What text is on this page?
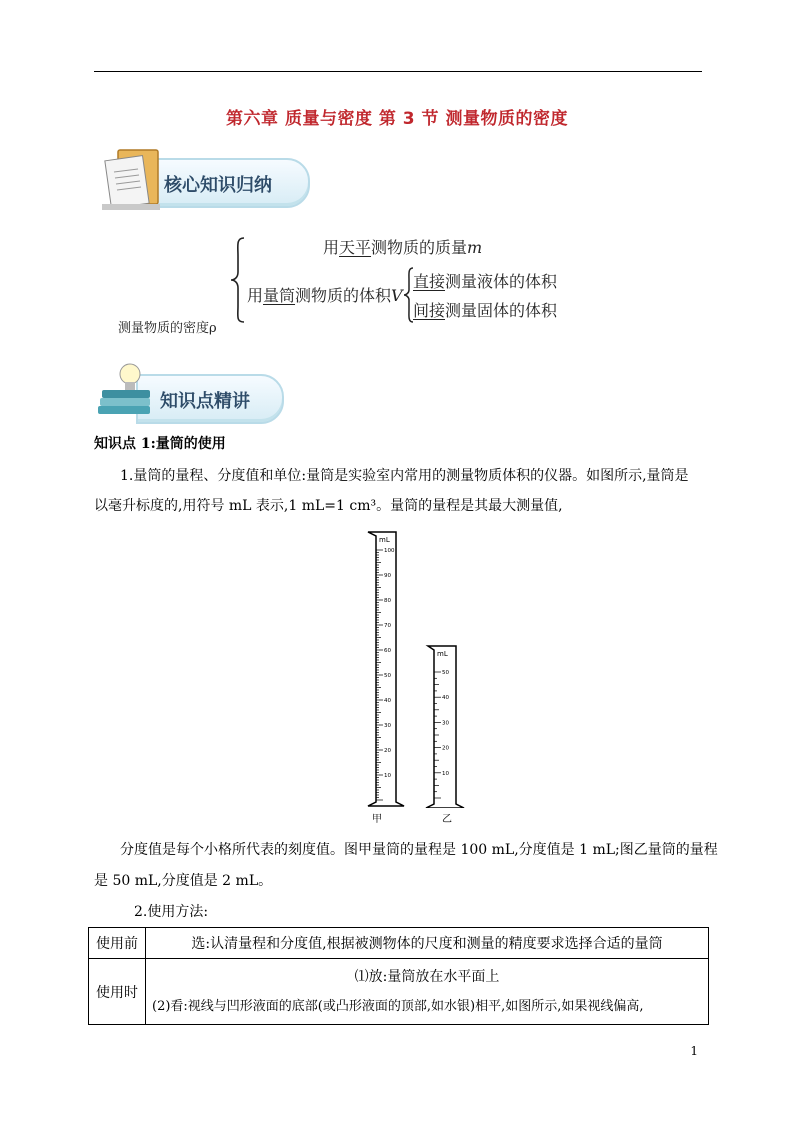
第六章 质量与密度 第 3 节 测量物质的密度
核心知识归纳
用天平测物质的质量m
用量筒测物质的体积V
直接测量液体的体积
间接测量固体的体积
测量物质的密度ρ
知识点精讲
知识点 1:量筒的使用
1.量筒的量程、分度值和单位:量筒是实验室内常用的测量物质体积的仪器。如图所示,量筒是
以毫升标度的,用符号 mL 表示,1 mL=1 cm³。量筒的量程是其最大测量值,
mL
100
90
80
70
60
50
40
30
20
10
甲
mL
50
40
30
20
10
乙
分度值是每个小格所代表的刻度值。图甲量筒的量程是 100 mL,分度值是 1 mL;图乙量筒的量程
是 50 mL,分度值是 2 mL。
2.使用方法:
使用前	选:认清量程和分度值,根据被测物体的尺度和测量的精度要求选择合适的量筒
使用时	⑴放:量筒放在水平面上
(2)看:视线与凹形液面的底部(或凸形液面的顶部,如水银)相平,如图所示,如果视线偏高,
1
